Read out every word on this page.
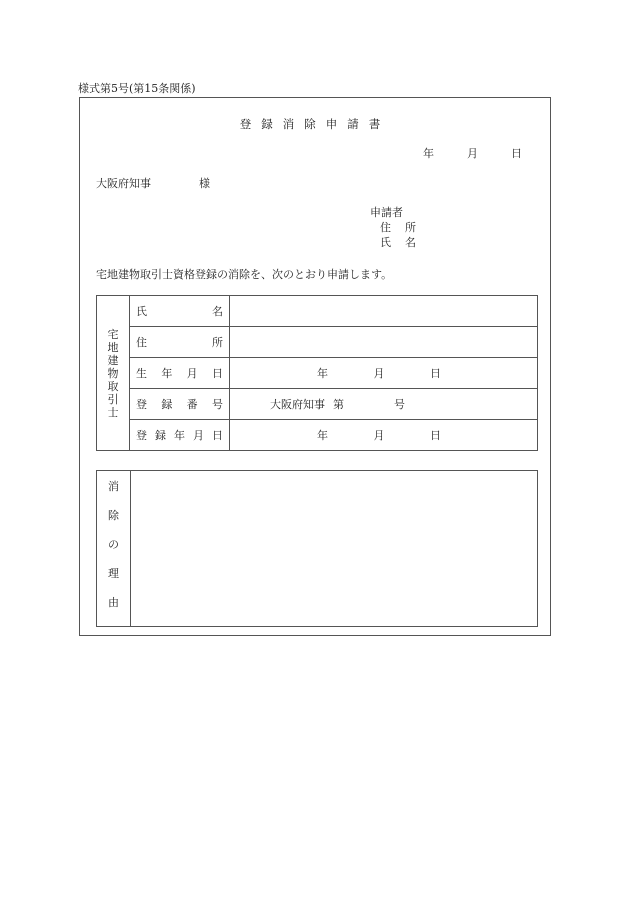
様式第5号(第15条関係)
登録消除申請書
年	月	日
大阪府知事	様
申請者
住 所
氏 名
宅地建物取引士資格登録の消除を、次のとおり申請します。
宅地建物取引士	氏 名	

	住 所	

	生 年 月 日	年 月 日

	登 録 番 号	大阪府知事 第 号

	登 録 年 月 日	年 月 日
消
除
の
理
由
